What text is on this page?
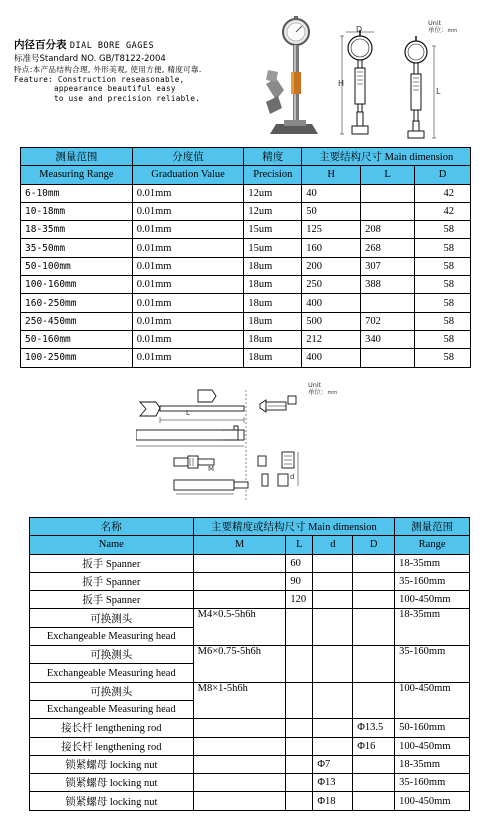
内径百分表 DIAL BORE GAGES
标准号Standard NO. GB/T8122-2004
特点:本产品结构合理, 外形美观, 使用方便, 精度可靠.
Feature: Construction reseasonable,
appearance beautiful easy
to use and precision reliable.
Unit
单位：mm
H
D
L
测量范围	分度值	精度	主要结构尺寸 Main dimension		
Measuring Range	Graduation Value	Precision	H	L	D
6-10mm	0.01mm	12um	40		42
10-18mm	0.01mm	12um	50		42
18-35mm	0.01mm	15um	125	208	58
35-50mm	0.01mm	15um	160	268	58
50-100mm	0.01mm	18um	200	307	58
100-160mm	0.01mm	18um	250	388	58
160-250mm	0.01mm	18um	400		58
250-450mm	0.01mm	18um	500	702	58
50-160mm	0.01mm	18um	212	340	58
100-250mm	0.01mm	18um	400		58
Unit
单位：mm
L
M
d
名称	主要精度或结构尺寸 Main dimension				测量范围
Name	M	L	d	D	Range
扳手 Spanner		60			18-35mm
扳手 Spanner		90			35-160mm
扳手 Spanner		120			100-450mm
可换测头	M4×0.5-5h6h				18-35mm
Exchangeable Measuring head					
可换测头	M6×0.75-5h6h				35-160mm
Exchangeable Measuring head					
可换测头	M8×1-5h6h				100-450mm
Exchangeable Measuring head					
接长杆 lengthening rod				Φ13.5	50-160mm
接长杆 lengthening rod				Φ16	100-450mm
锁紧螺母 locking nut			Φ7		18-35mm
锁紧螺母 locking nut			Φ13		35-160mm
锁紧螺母 locking nut			Φ18		100-450mm
